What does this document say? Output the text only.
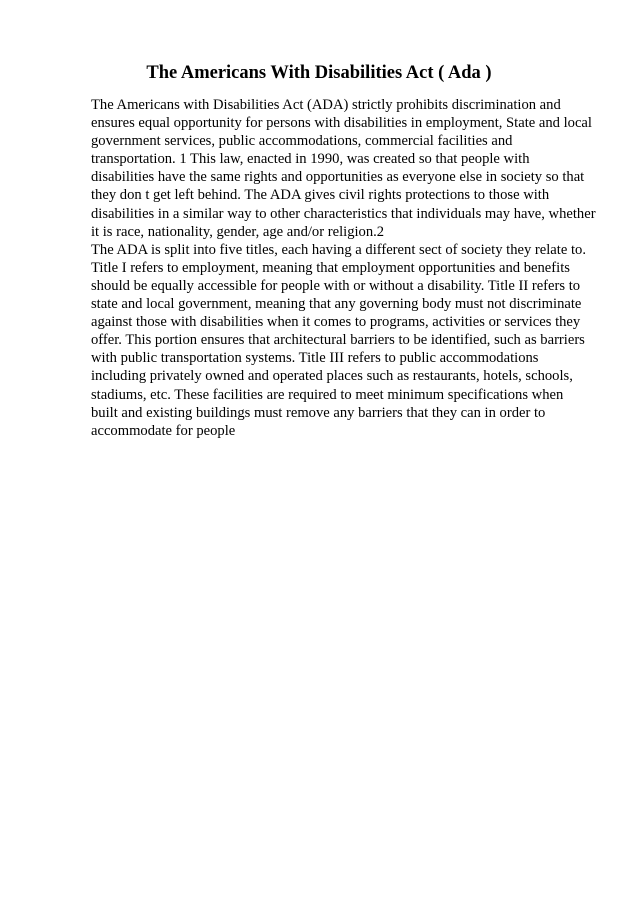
The Americans With Disabilities Act ( Ada )
The Americans with Disabilities Act (ADA) strictly prohibits discrimination and
ensures equal opportunity for persons with disabilities in employment, State and local
government services, public accommodations, commercial facilities and
transportation. 1 This law, enacted in 1990, was created so that people with
disabilities have the same rights and opportunities as everyone else in society so that
they don t get left behind. The ADA gives civil rights protections to those with
disabilities in a similar way to other characteristics that individuals may have, whether
it is race, nationality, gender, age and/or religion.2
The ADA is split into five titles, each having a different sect of society they relate to.
Title I refers to employment, meaning that employment opportunities and benefits
should be equally accessible for people with or without a disability. Title II refers to
state and local government, meaning that any governing body must not discriminate
against those with disabilities when it comes to programs, activities or services they
offer. This portion ensures that architectural barriers to be identified, such as barriers
with public transportation systems. Title III refers to public accommodations
including privately owned and operated places such as restaurants, hotels, schools,
stadiums, etc. These facilities are required to meet minimum specifications when
built and existing buildings must remove any barriers that they can in order to
accommodate for people
